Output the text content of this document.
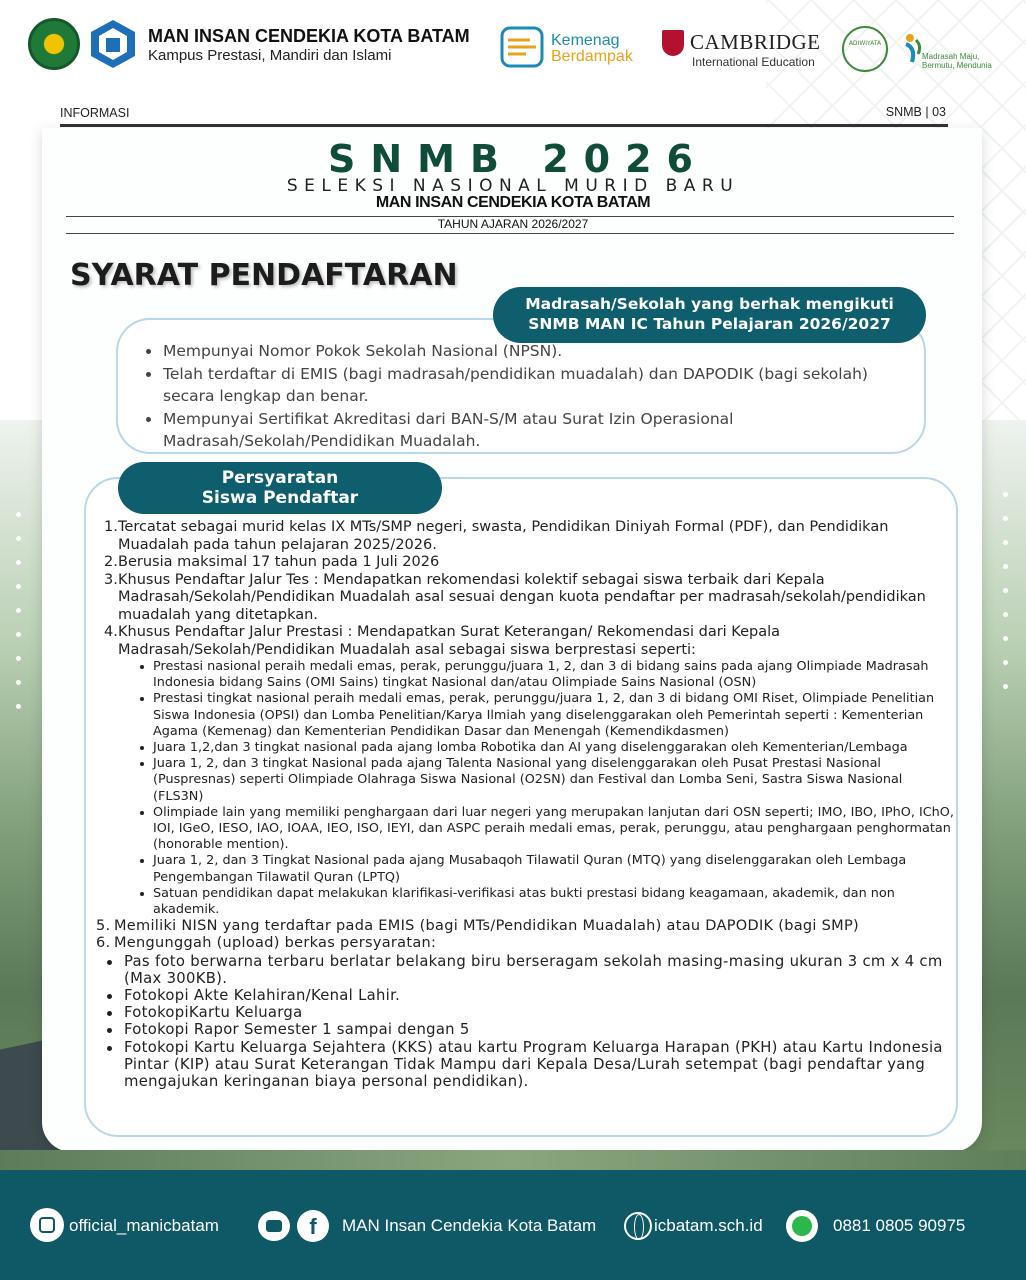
MAN INSAN CENDEKIA KOTA BATAM
Kampus Prestasi, Mandiri dan Islami
Kemenag
Berdampak
CAMBRIDGE
International Education
ADIWIYATA
Madrasah Maju, Bermutu, Mendunia
INFORMASI	SNMB | 03
SNMB 2026
SELEKSI NASIONAL MURID BARU
MAN INSAN CENDEKIA KOTA BATAM
TAHUN AJARAN 2026/2027
SYARAT PENDAFTARAN
Madrasah/Sekolah yang berhak mengikuti
SNMB MAN IC Tahun Pelajaran 2026/2027
Mempunyai Nomor Pokok Sekolah Nasional (NPSN).
Telah terdaftar di EMIS (bagi madrasah/pendidikan muadalah) dan DAPODIK (bagi sekolah) secara lengkap dan benar.
Mempunyai Sertifikat Akreditasi dari BAN-S/M atau Surat Izin Operasional Madrasah/Sekolah/Pendidikan Muadalah.
Persyaratan
Siswa Pendaftar
1. Tercatat sebagai murid kelas IX MTs/SMP negeri, swasta, Pendidikan Diniyah Formal (PDF), dan Pendidikan Muadalah pada tahun pelajaran 2025/2026.
2. Berusia maksimal 17 tahun pada 1 Juli 2026
3. Khusus Pendaftar Jalur Tes : Mendapatkan rekomendasi kolektif sebagai siswa terbaik dari Kepala Madrasah/Sekolah/Pendidikan Muadalah asal sesuai dengan kuota pendaftar per madrasah/sekolah/pendidikan muadalah yang ditetapkan.
4. Khusus Pendaftar Jalur Prestasi : Mendapatkan Surat Keterangan/ Rekomendasi dari Kepala Madrasah/Sekolah/Pendidikan Muadalah asal sebagai siswa berprestasi seperti:
Prestasi nasional peraih medali emas, perak, perunggu/juara 1, 2, dan 3 di bidang sains pada ajang Olimpiade Madrasah Indonesia bidang Sains (OMI Sains) tingkat Nasional dan/atau Olimpiade Sains Nasional (OSN)
Prestasi tingkat nasional peraih medali emas, perak, perunggu/juara 1, 2, dan 3 di bidang OMI Riset, Olimpiade Penelitian Siswa Indonesia (OPSI) dan Lomba Penelitian/Karya Ilmiah yang diselenggarakan oleh Pemerintah seperti : Kementerian Agama (Kemenag) dan Kementerian Pendidikan Dasar dan Menengah (Kemendikdasmen)
Juara 1,2,dan 3 tingkat nasional pada ajang lomba Robotika dan AI yang diselenggarakan oleh Kementerian/Lembaga
Juara 1, 2, dan 3 tingkat Nasional pada ajang Talenta Nasional yang diselenggarakan oleh Pusat Prestasi Nasional (Puspresnas) seperti Olimpiade Olahraga Siswa Nasional (O2SN) dan Festival dan Lomba Seni, Sastra Siswa Nasional (FLS3N)
Olimpiade lain yang memiliki penghargaan dari luar negeri yang merupakan lanjutan dari OSN seperti; IMO, IBO, IPhO, IChO, IOI, IGeO, IESO, IAO, IOAA, IEO, ISO, IEYI, dan ASPC peraih medali emas, perak, perunggu, atau penghargaan penghormatan (honorable mention).
Juara 1, 2, dan 3 Tingkat Nasional pada ajang Musabaqoh Tilawatil Quran (MTQ) yang diselenggarakan oleh Lembaga Pengembangan Tilawatil Quran (LPTQ)
Satuan pendidikan dapat melakukan klarifikasi-verifikasi atas bukti prestasi bidang keagamaan, akademik, dan non akademik.
5. Memiliki NISN yang terdaftar pada EMIS (bagi MTs/Pendidikan Muadalah) atau DAPODIK (bagi SMP)
6. Mengunggah (upload) berkas persyaratan:
Pas foto berwarna terbaru berlatar belakang biru berseragam sekolah masing-masing ukuran 3 cm x 4 cm (Max 300KB).
Fotokopi Akte Kelahiran/Kenal Lahir.
FotokopiKartu Keluarga
Fotokopi Rapor Semester 1 sampai dengan 5
Fotokopi Kartu Keluarga Sejahtera (KKS) atau kartu Program Keluarga Harapan (PKH) atau Kartu Indonesia Pintar (KIP) atau Surat Keterangan Tidak Mampu dari Kepala Desa/Lurah setempat (bagi pendaftar yang mengajukan keringanan biaya personal pendidikan).
official_manicbatam	f	MAN Insan Cendekia Kota Batam	icbatam.sch.id	0881 0805 90975
